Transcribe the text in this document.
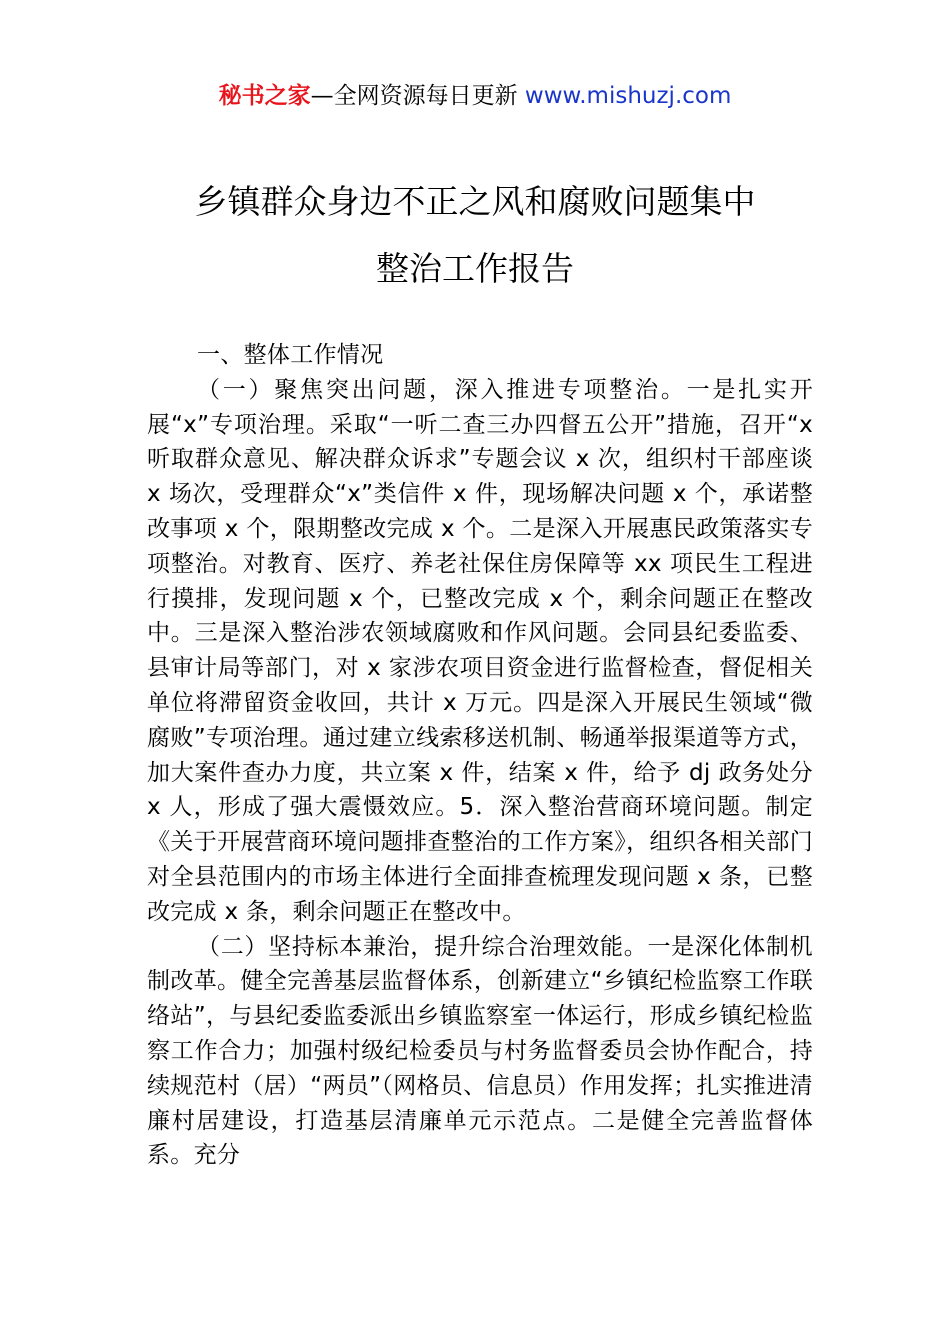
秘书之家—全网资源每日更新 www.mishuzj.com
乡镇群众身边不正之风和腐败问题集中
整治工作报告

一、整体工作情况

（一）聚焦突出问题，深入推进专项整治。一是扎实开展“x”专项治理。采取“一听二查三办四督五公开”措施，召开“x 听取群众意见、解决群众诉求”专题会议 x 次，组织村干部座谈 x 场次，受理群众“x”类信件 x 件，现场解决问题 x 个，承诺整改事项 x 个，限期整改完成 x 个。二是深入开展惠民政策落实专项整治。对教育、医疗、养老社保住房保障等 xx 项民生工程进行摸排，发现问题 x 个，已整改完成 x 个，剩余问题正在整改中。三是深入整治涉农领域腐败和作风问题。会同县纪委监委、县审计局等部门，对 x 家涉农项目资金进行监督检查，督促相关单位将滞留资金收回，共计 x 万元。四是深入开展民生领域“微腐败”专项治理。通过建立线索移送机制、畅通举报渠道等方式，加大案件查办力度，共立案 x 件，结案 x 件，给予 dj 政务处分 x 人，形成了强大震慑效应。5．深入整治营商环境问题。制定《关于开展营商环境问题排查整治的工作方案》，组织各相关部门对全县范围内的市场主体进行全面排查梳理发现问题 x 条，已整改完成 x 条，剩余问题正在整改中。

（二）坚持标本兼治，提升综合治理效能。一是深化体制机制改革。健全完善基层监督体系，创新建立“乡镇纪检监察工作联络站”，与县纪委监委派出乡镇监察室一体运行，形成乡镇纪检监察工作合力；加强村级纪检委员与村务监督委员会协作配合，持续规范村（居）“两员”（网格员、信息员）作用发挥；扎实推进清廉村居建设，打造基层清廉单元示范点。二是健全完善监督体系。充分
